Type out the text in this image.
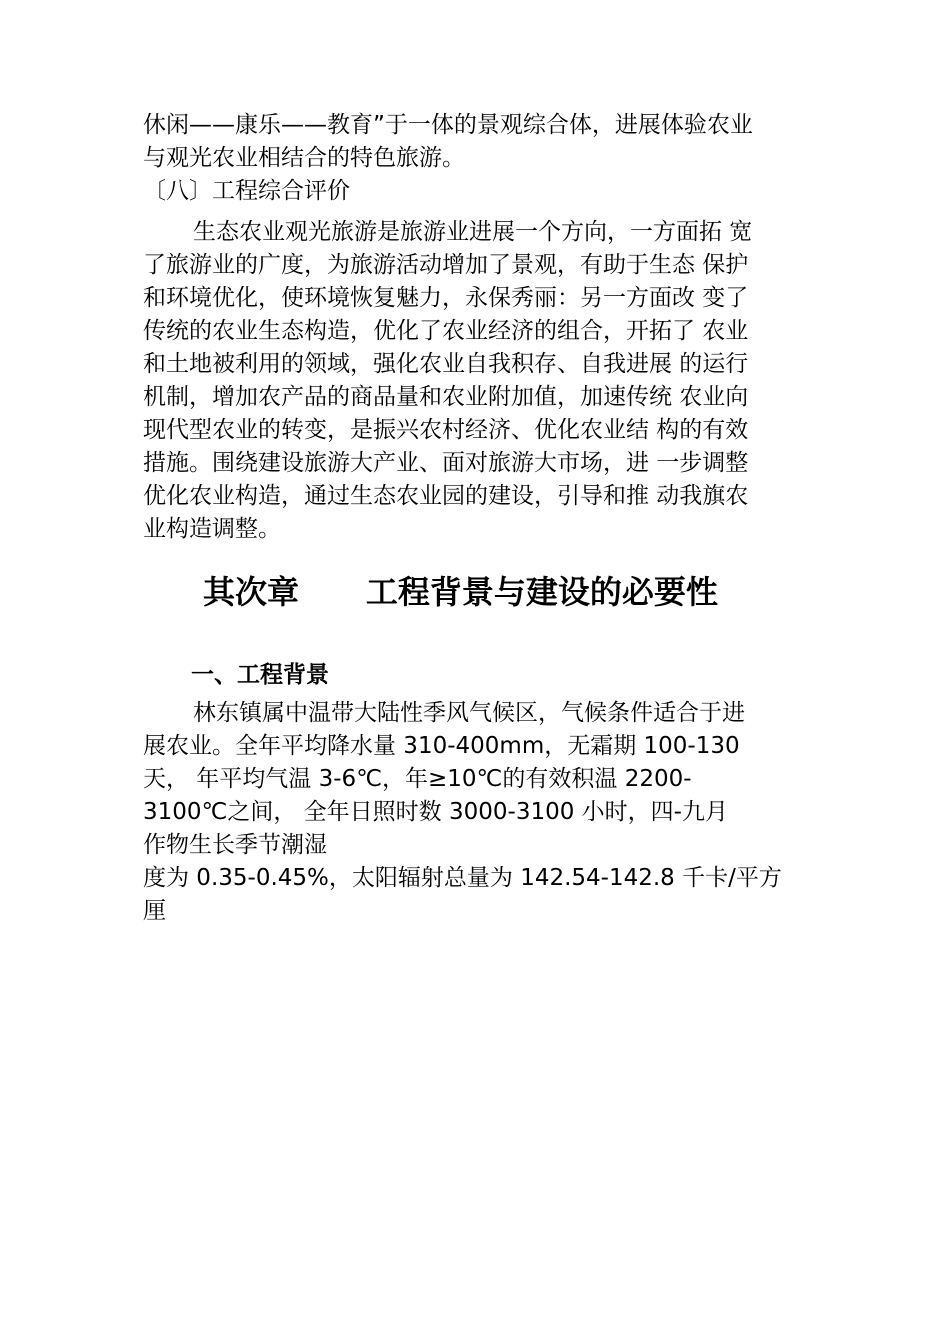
休闲——康乐——教育”于一体的景观综合体，进展体验农业
与观光农业相结合的特色旅游。
〔八〕工程综合评价
生态农业观光旅游是旅游业进展一个方向，一方面拓 宽
了旅游业的广度，为旅游活动增加了景观，有助于生态 保护
和环境优化，使环境恢复魅力，永保秀丽：另一方面改 变了
传统的农业生态构造，优化了农业经济的组合，开拓了 农业
和土地被利用的领域，强化农业自我积存、自我进展 的运行
机制，增加农产品的商品量和农业附加值，加速传统 农业向
现代型农业的转变，是振兴农村经济、优化农业结 构的有效
措施。围绕建设旅游大产业、面对旅游大市场，进 一步调整
优化农业构造，通过生态农业园的建设，引导和推 动我旗农
业构造调整。
其次章      工程背景与建设的必要性
一、工程背景
林东镇属中温带大陆性季风气候区，气候条件适合于进
展农业。全年平均降水量 310-400mm，无霜期 100-130
天， 年平均气温 3-6℃，年≥10℃的有效积温 2200-
3100℃之间， 全年日照时数 3000-3100 小时，四-九月
作物生长季节潮湿
度为 0.35-0.45%，太阳辐射总量为 142.54-142.8 千卡/平方
厘
